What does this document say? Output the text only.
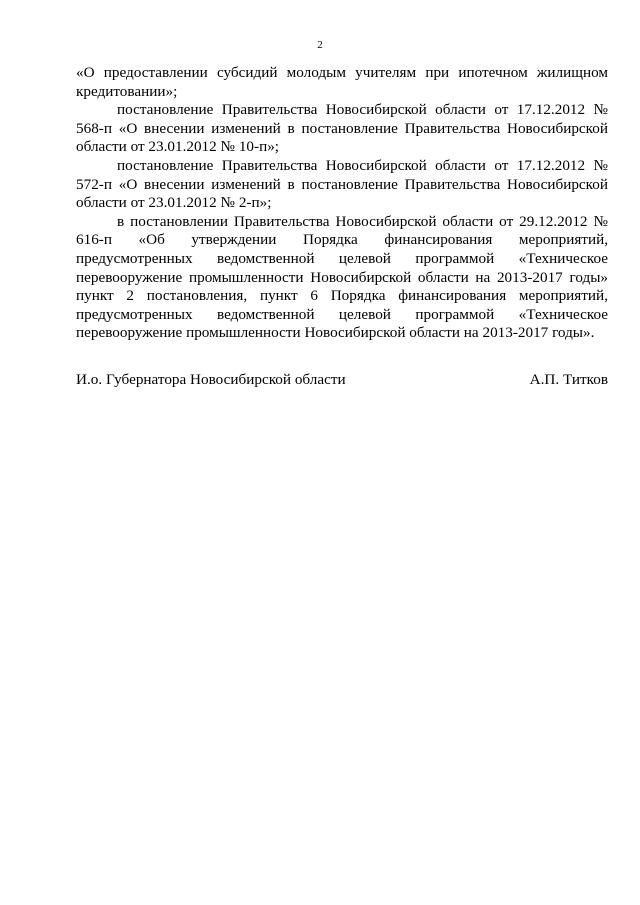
2

«О предоставлении субсидий молодым учителям при ипотечном жилищном кредитовании»;

постановление Правительства Новосибирской области от 17.12.2012 № 568-п «О внесении изменений в постановление Правительства Новосибирской области от 23.01.2012 № 10-п»;

постановление Правительства Новосибирской области от 17.12.2012 № 572-п «О внесении изменений в постановление Правительства Новосибирской области от 23.01.2012 № 2-п»;

в постановлении Правительства Новосибирской области от 29.12.2012 № 616-п «Об утверждении Порядка финансирования мероприятий, предусмотренных ведомственной целевой программой «Техническое перевооружение промышленности Новосибирской области на 2013-2017 годы» пункт 2 постановления, пункт 6 Порядка финансирования мероприятий, предусмотренных ведомственной целевой программой «Техническое перевооружение промышленности Новосибирской области на 2013-2017 годы».

И.о. Губернатора Новосибирской области	А.П. Титков
